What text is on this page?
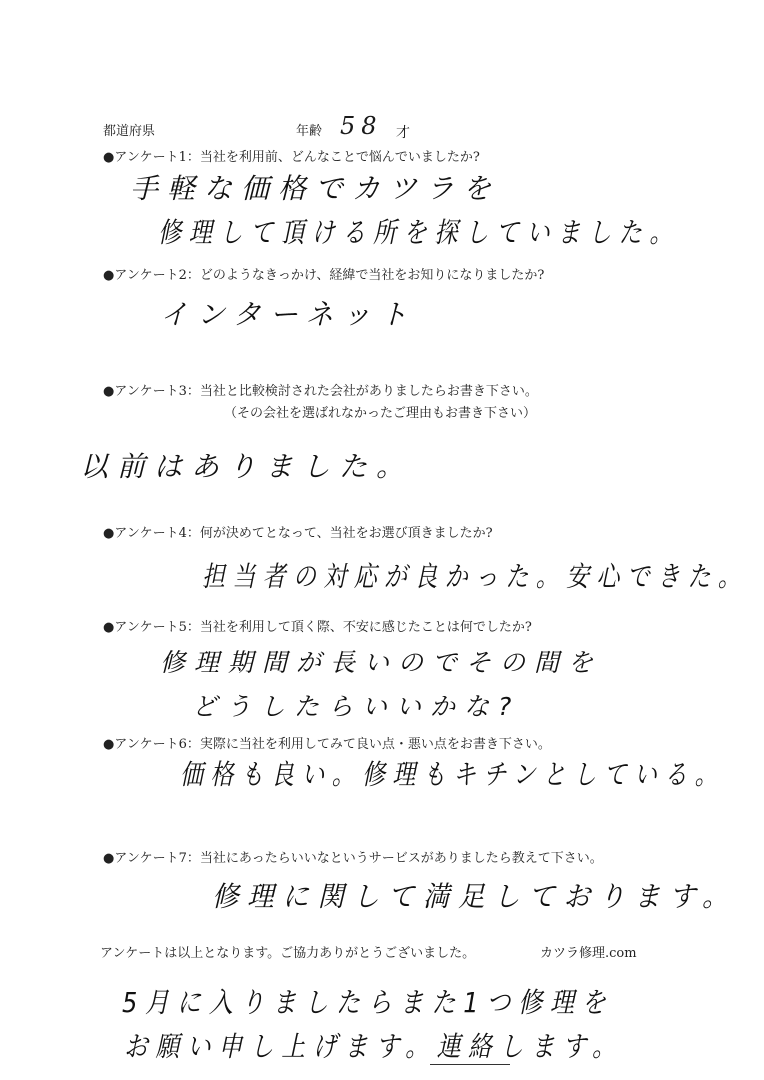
都道府県	年齢 58 才
●アンケート1：当社を利用前、どんなことで悩んでいましたか?
手軽な価格でカツラを
修理して頂ける所を探していました。
●アンケート2：どのようなきっかけ、経緯で当社をお知りになりましたか?
インターネット
●アンケート3：当社と比較検討された会社がありましたらお書き下さい。
（その会社を選ばれなかったご理由もお書き下さい）
以前はありました。
●アンケート4：何が決めてとなって、当社をお選び頂きましたか?
担当者の対応が良かった。安心できた。
●アンケート5：当社を利用して頂く際、不安に感じたことは何でしたか?
修理期間が長いのでその間を
どうしたらいいかな?
●アンケート6：実際に当社を利用してみて良い点・悪い点をお書き下さい。
価格も良い。修理もキチンとしている。
●アンケート7：当社にあったらいいなというサービスがありましたら教えて下さい。
修理に関して満足しております。
アンケートは以上となります。ご協力ありがとうございました。	カツラ修理.com
5月に入りましたらまた1つ修理を
お願い申し上げます。連絡します。
